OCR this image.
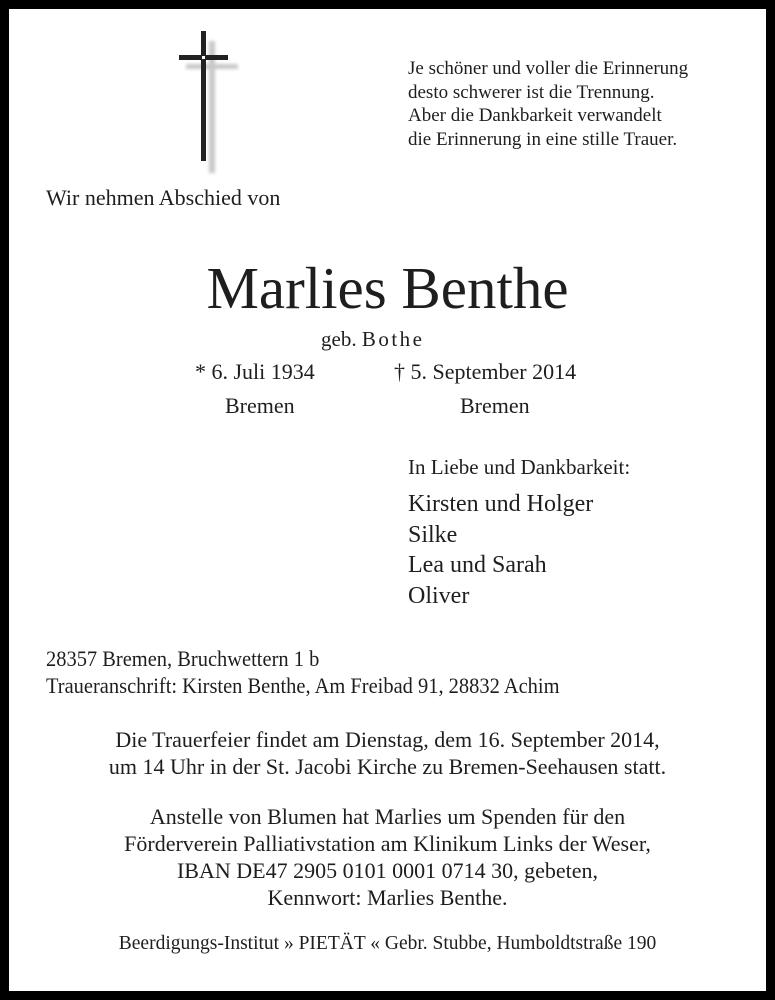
Je schöner und voller die Erinnerung
desto schwerer ist die Trennung.
Aber die Dankbarkeit verwandelt
die Erinnerung in eine stille Trauer.
Wir nehmen Abschied von
Marlies Benthe
geb. Bothe
* 6. Juli 1934	† 5. September 2014
Bremen	Bremen
In Liebe und Dankbarkeit:
Kirsten und Holger
Silke
Lea und Sarah
Oliver
28357 Bremen, Bruchwettern 1 b
Traueranschrift: Kirsten Benthe, Am Freibad 91, 28832 Achim
Die Trauerfeier findet am Dienstag, dem 16. September 2014,
um 14 Uhr in der St. Jacobi Kirche zu Bremen-Seehausen statt.
Anstelle von Blumen hat Marlies um Spenden für den
Förderverein Palliativstation am Klinikum Links der Weser,
IBAN DE47 2905 0101 0001 0714 30, gebeten,
Kennwort: Marlies Benthe.
Beerdigungs-Institut » PIETÄT « Gebr. Stubbe, Humboldtstraße 190
